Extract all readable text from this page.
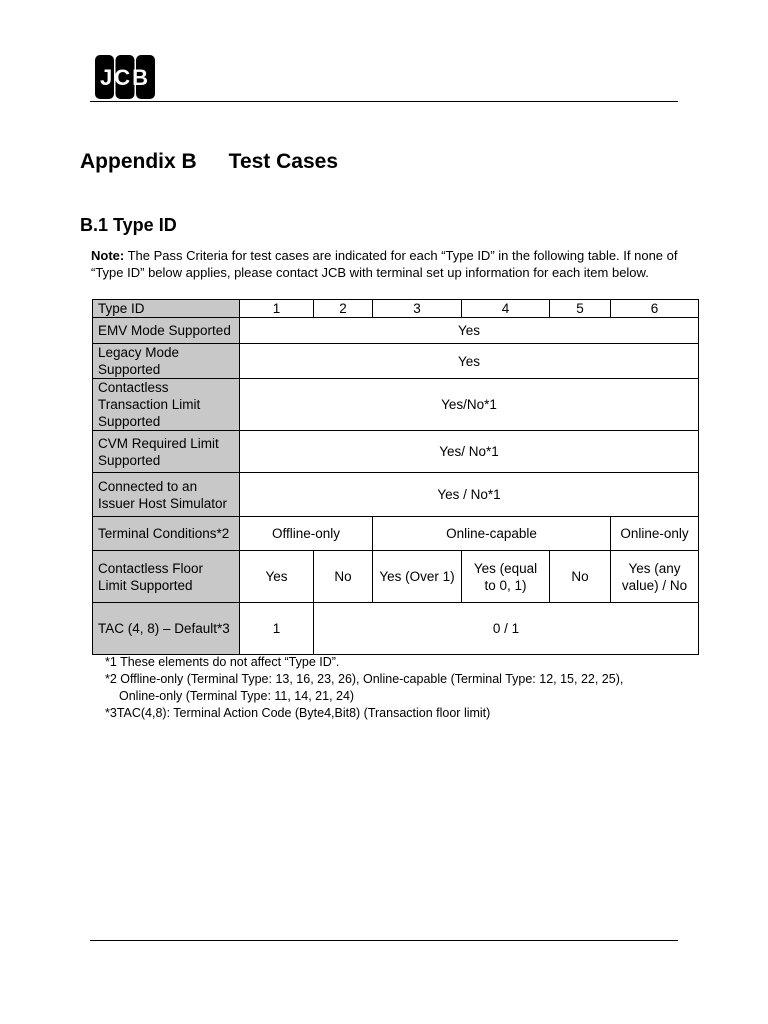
JCB
Appendix B Test Cases
B.1 Type ID
Note: The Pass Criteria for test cases are indicated for each “Type ID” in the following table. If none of “Type ID” below applies, please contact JCB with terminal set up information for each item below.
Type ID	1	2	3	4	5	6
EMV Mode Supported	Yes					
Legacy Mode Supported	Yes					
Contactless Transaction Limit Supported	Yes/No*1					
CVM Required Limit Supported	Yes/ No*1					
Connected to an Issuer Host Simulator	Yes / No*1					
Terminal Conditions*2	Offline-only		Online-capable			Online-only
Contactless Floor Limit Supported	Yes	No	Yes (Over 1)	Yes (equal to 0, 1)	No	Yes (any value) / No
TAC (4, 8) – Default*3	1	0 / 1				
*1 These elements do not affect “Type ID”.
*2 Offline-only (Terminal Type: 13, 16, 23, 26), Online-capable (Terminal Type: 12, 15, 22, 25),
Online-only (Terminal Type: 11, 14, 21, 24)
*3TAC(4,8): Terminal Action Code (Byte4,Bit8) (Transaction floor limit)
